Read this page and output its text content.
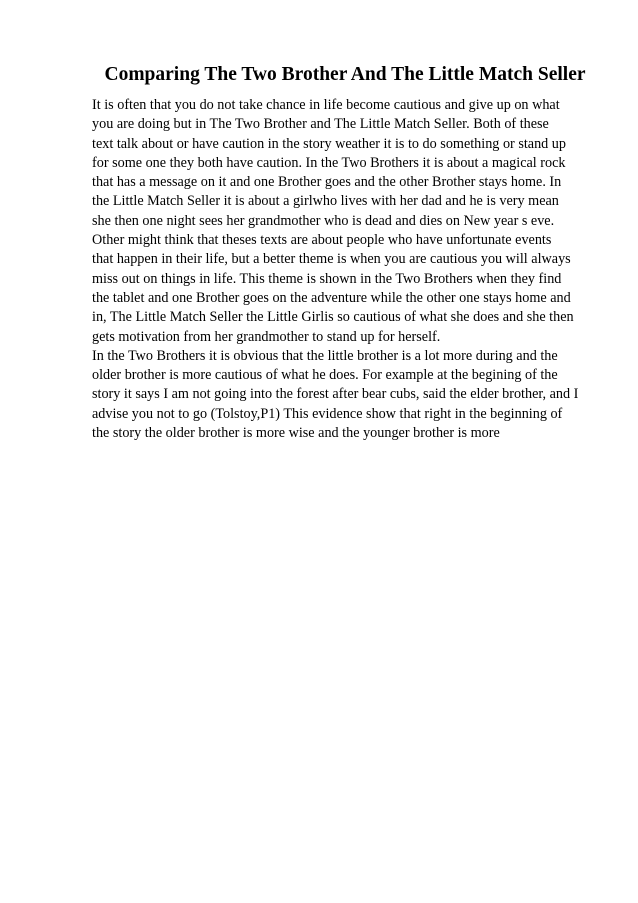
Comparing The Two Brother And The Little Match Seller
It is often that you do not take chance in life become cautious and give up on what
you are doing but in The Two Brother and The Little Match Seller. Both of these
text talk about or have caution in the story weather it is to do something or stand up
for some one they both have caution. In the Two Brothers it is about a magical rock
that has a message on it and one Brother goes and the other Brother stays home. In
the Little Match Seller it is about a girlwho lives with her dad and he is very mean
she then one night sees her grandmother who is dead and dies on New year s eve.
Other might think that theses texts are about people who have unfortunate events
that happen in their life, but a better theme is when you are cautious you will always
miss out on things in life. This theme is shown in the Two Brothers when they find
the tablet and one Brother goes on the adventure while the other one stays home and
in, The Little Match Seller the Little Girlis so cautious of what she does and she then
gets motivation from her grandmother to stand up for herself.
In the Two Brothers it is obvious that the little brother is a lot more during and the
older brother is more cautious of what he does. For example at the begining of the
story it says I am not going into the forest after bear cubs, said the elder brother, and I
advise you not to go (Tolstoy,P1) This evidence show that right in the beginning of
the story the older brother is more wise and the younger brother is more
